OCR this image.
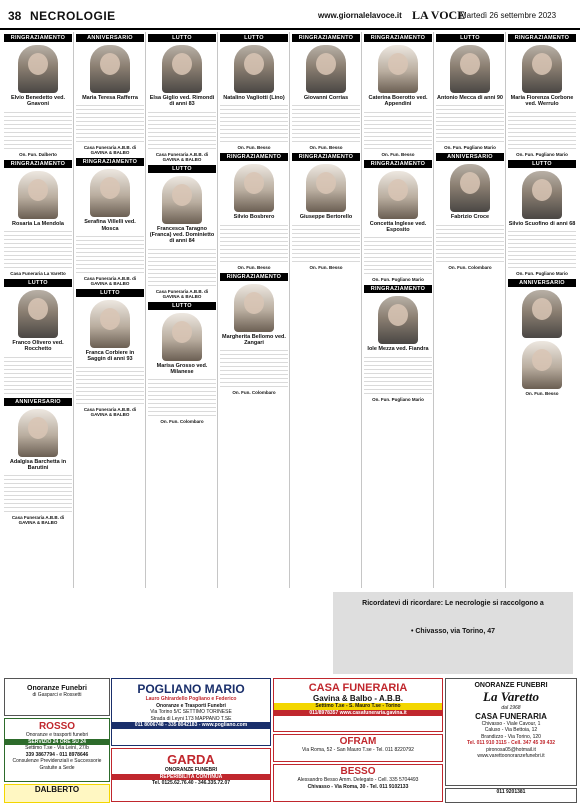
38 NECROLOGIE	www.giornalelavoce.it LA VOCE
Martedì 26 settembre 2023
RINGRAZIAMENTO
Elvio Benedetto ved. Gnavoni
On. Fun. Dalberto
RINGRAZIAMENTO
Rosaria La Mendola
Casa Funeraria La Varetto
LUTTO
Franco Olivero ved. Rocchetto
ANNIVERSARIO
Adalgisa Barchetta in Barutini
Casa Funeraria A.B.B. di GAVINA & BALBO
ANNIVERSARIO
Maria Teresa Rafferra
Casa Funeraria A.B.B. di GAVINA & BALBO
RINGRAZIAMENTO
Serafina Villelli ved. Mosca
Casa Funeraria A.B.B. di GAVINA & BALBO
LUTTO
Franca Corbiere in Saggin di anni 93
Casa Funeraria A.B.B. di GAVINA & BALBO
LUTTO
Elsa Giglio ved. Rimondi di anni 83
Casa Funeraria A.B.B. di GAVINA & BALBO
LUTTO
Francesca Taragno (Franca) ved. Dominietto di anni 84
Casa Funeraria A.B.B. di GAVINA & BALBO
LUTTO
Marisa Grosso ved. Milanese
On. Fun. Colombaro
LUTTO
Natalino Vagliotti (Lino)
On. Fun. Besso
RINGRAZIAMENTO
Silvio Bosbrero
On. Fun. Besso
RINGRAZIAMENTO
Margherita Bellomo ved. Zangari
On. Fun. Colombaro
RINGRAZIAMENTO
Giovanni Corrias
On. Fun. Besso
RINGRAZIAMENTO
Giuseppe Bertorello
On. Fun. Besso
RINGRAZIAMENTO
Caterina Boerotto ved. Appendini
On. Fun. Besso
RINGRAZIAMENTO
Concetta Inglese ved. Esposito
On. Fun. Pugliano Mario
RINGRAZIAMENTO
Iole Mezza ved. Fiandra
On. Fun. Pugliano Mario
LUTTO
Antonio Mecca di anni 90
On. Fun. Pugliano Mario
ANNIVERSARIO
Fabrizio Croce
On. Fun. Colombaro
RINGRAZIAMENTO
Maria Fiorenza Corbone ved. Werrulo
On. Fun. Pugliano Mario
LUTTO
Silvio Scuofino di anni 68
On. Fun. Pugliano Mario
ANNIVERSARIO
On. Fun. Besso
Ricordatevi di ricordare: Le necrologie si raccolgono a
• Chivasso, via Torino, 47
Onoranze Funebri
di Gasparci e Rossetti	POGLIANO MARIO
Lauro Ghirardello Pogliano e Federico
Onoranze e Trasporti Funebri
Via Torino 5/C SETTIMO TORINESE
Strada di Leyni 173 MAPPANO T.SE
011 8006748 - 335 8042183 - www.pogliano.com
CASA FUNERARIA
Gavina & Balbo - A.B.B.
Settimo T.se - S. Mauro T.se - Torino
011/8978357 www.casafuneraria.gavina.it
ONORANZE FUNEBRI
La Varetto
dal 1968
CASA FUNERARIA
Chivasso - Viale Cavour, 1
Caluso - Via Bettoia, 12
Brandizzo - Via Torino, 120
Tel. 011 910 3115 - Cell. 347 45 39 432
pironosa05@hotmail.it
www.varettoonoranzefunebri.it
ROSSO
Onoranze e trasporti funebri
SERVIZIO 24 ORE SU 24
Settimo T.se - Via Leinì, 27/b
339 3867794 - 011 8978646
Consulenze Previdenziali e Successorie Gratuite a Sede
GARDA
ONORANZE FUNEBRI
REPERIBILITÀ CONTINUA
Tel. 0125.62.76.40 - 346.335.72.07
OFRAM
Via Roma, 52 - San Mauro T.se - Tel. 011 8220792
BESSO
Alessandro Besso Amm. Delegato - Cell. 335 5704493
Chivasso - Via Roma, 30 - Tel. 011 9102133
DALBERTO	011 9201381
